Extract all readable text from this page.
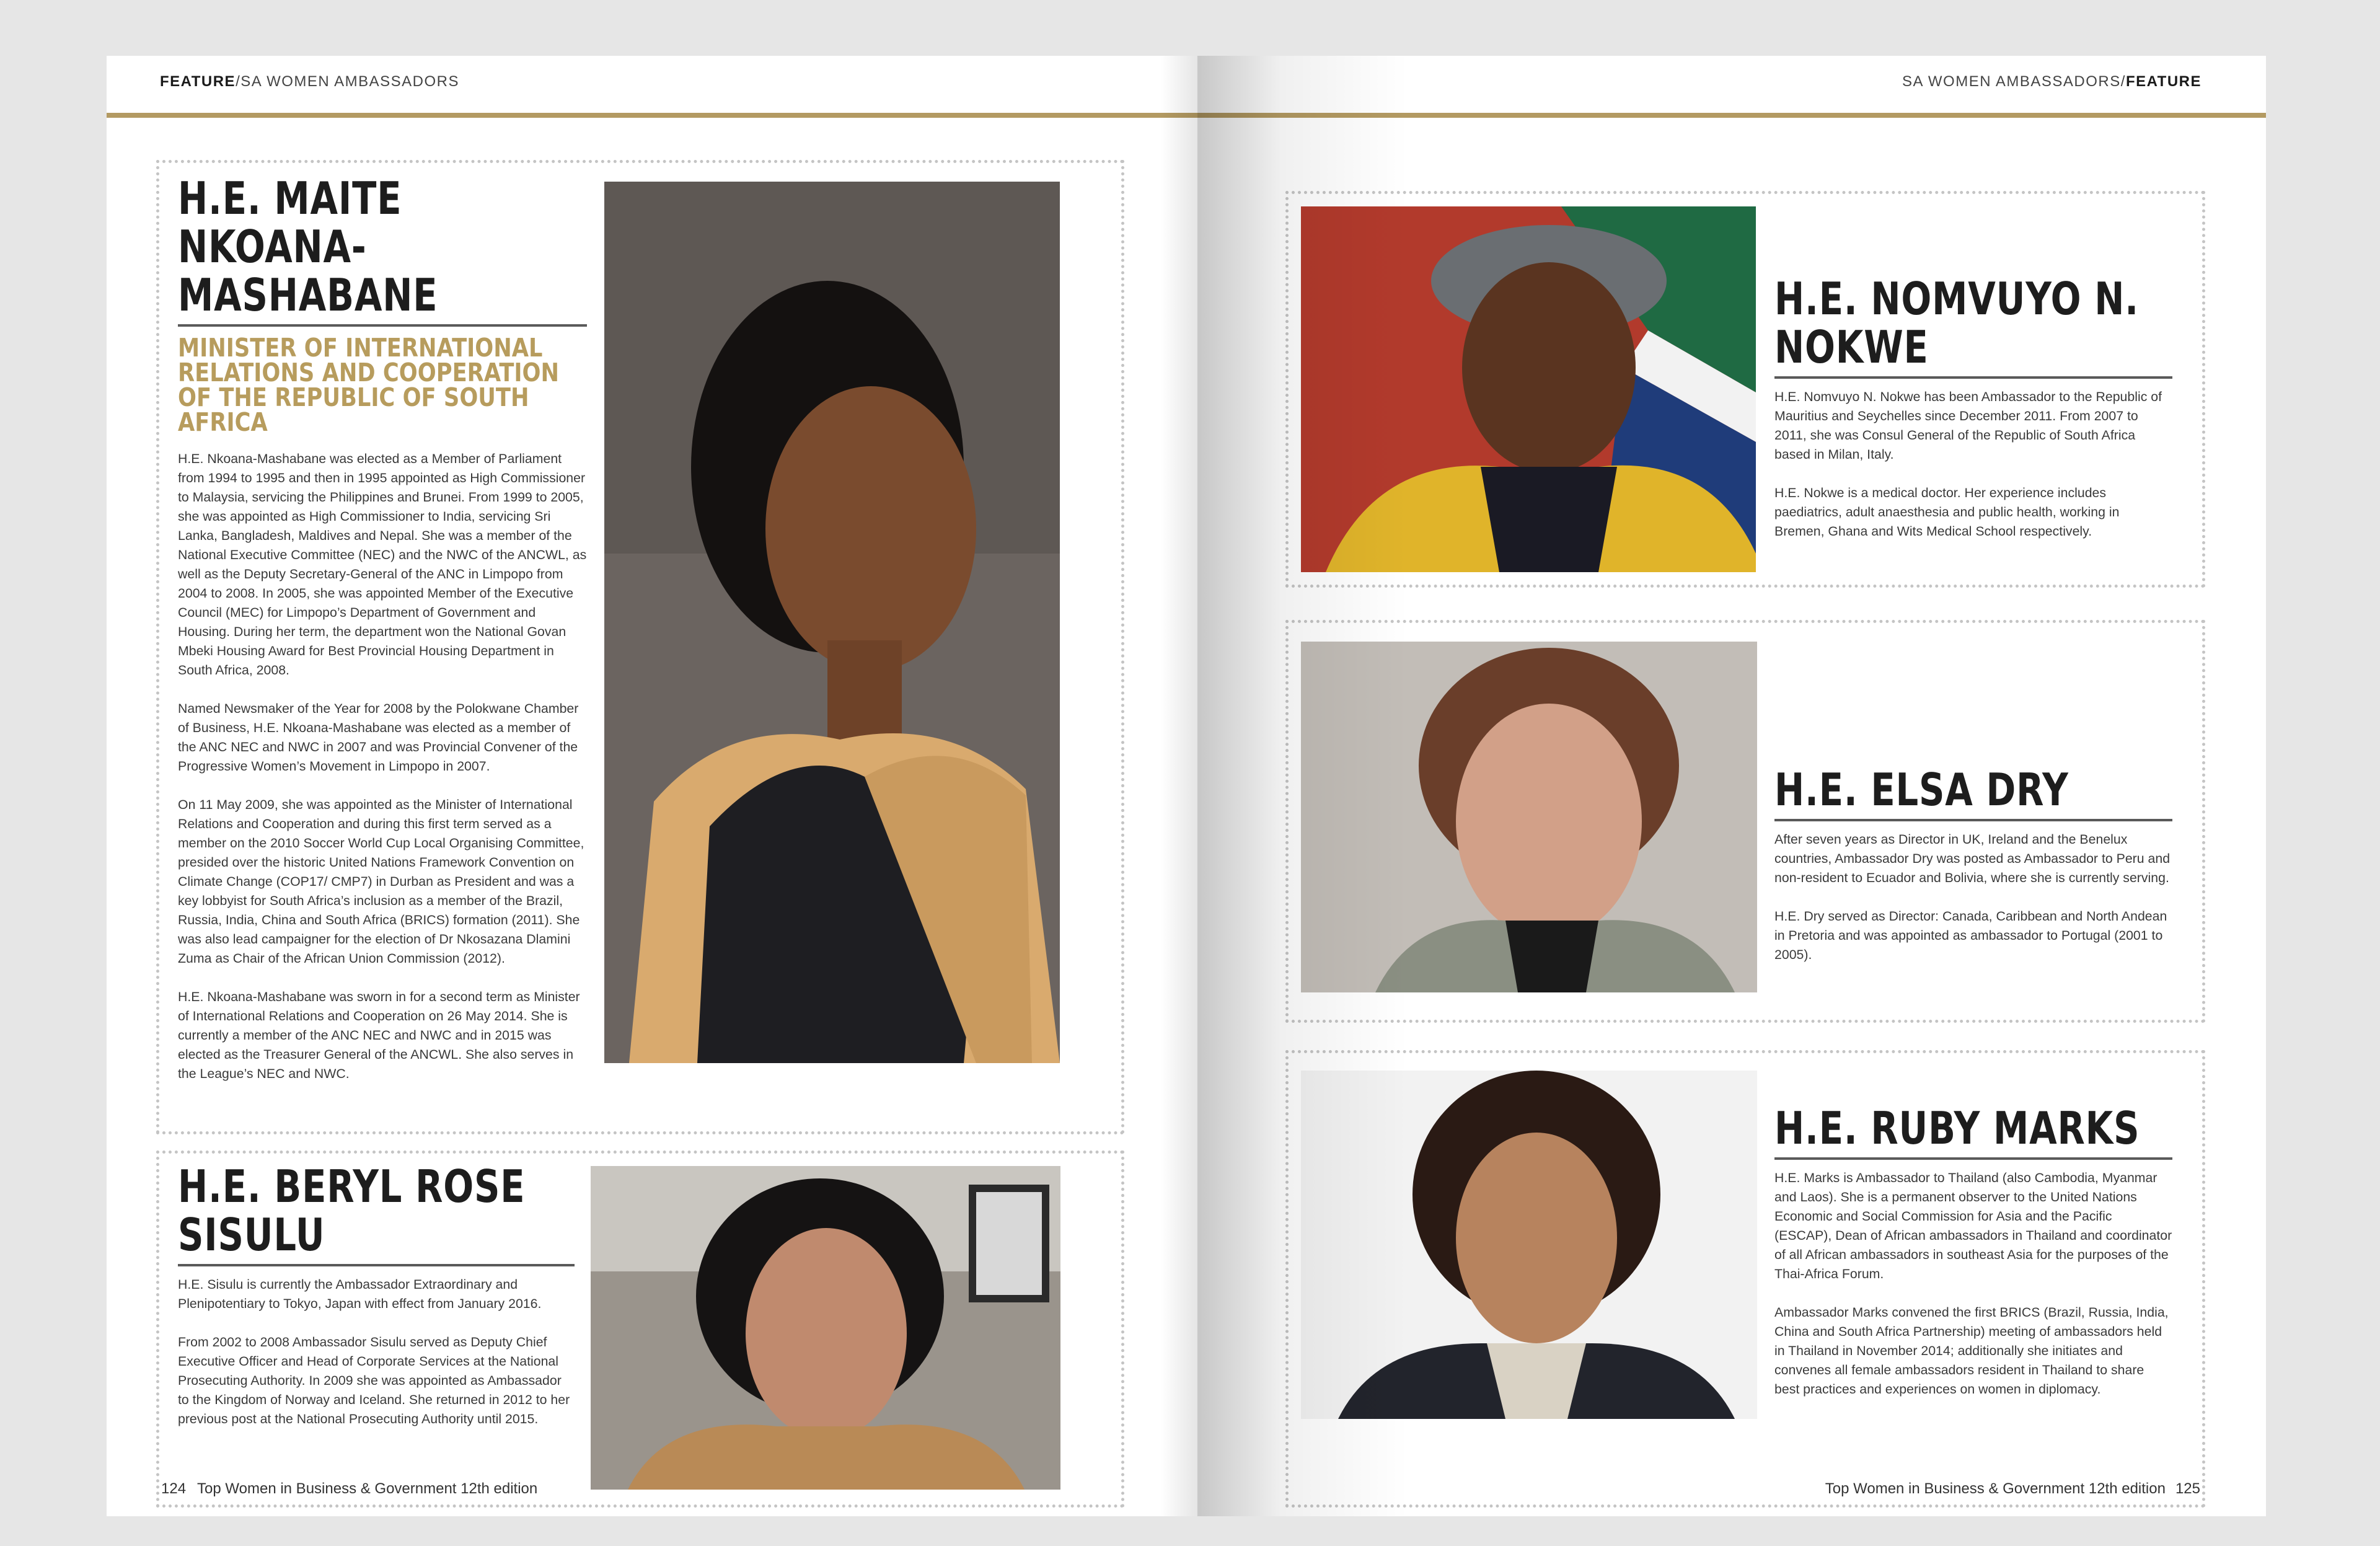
FEATURE/SA WOMEN AMBASSADORS
H.E. MAITE NKOANA-MASHABANE
MINISTER OF INTERNATIONAL RELATIONS AND COOPERATION OF THE REPUBLIC OF SOUTH AFRICA

H.E. Nkoana-Mashabane was elected as a Member of Parliament from 1994 to 1995 and then in 1995 appointed as High Commissioner to Malaysia, servicing the Philippines and Brunei. From 1999 to 2005, she was appointed as High Commissioner to India, servicing Sri Lanka, Bangladesh, Maldives and Nepal. She was a member of the National Executive Committee (NEC) and the NWC of the ANCWL, as well as the Deputy Secretary-General of the ANC in Limpopo from 2004 to 2008. In 2005, she was appointed Member of the Executive Council (MEC) for Limpopo’s Department of Government and Housing. During her term, the department won the National Govan Mbeki Housing Award for Best Provincial Housing Department in South Africa, 2008.

Named Newsmaker of the Year for 2008 by the Polokwane Chamber of Business, H.E. Nkoana-Mashabane was elected as a member of the ANC NEC and NWC in 2007 and was Provincial Convener of the Progressive Women’s Movement in Limpopo in 2007.

On 11 May 2009, she was appointed as the Minister of International Relations and Cooperation and during this first term served as a member on the 2010 Soccer World Cup Local Organising Committee, presided over the historic United Nations Framework Convention on Climate Change (COP17/ CMP7) in Durban as President and was a key lobbyist for South Africa’s inclusion as a member of the Brazil, Russia, India, China and South Africa (BRICS) formation (2011). She was also lead campaigner for the election of Dr Nkosazana Dlamini Zuma as Chair of the African Union Commission (2012).

H.E. Nkoana-Mashabane was sworn in for a second term as Minister of International Relations and Cooperation on 26 May 2014. She is currently a member of the ANC NEC and NWC and in 2015 was elected as the Treasurer General of the ANCWL. She also serves in the League’s NEC and NWC.

H.E. BERYL ROSE SISULU

H.E. Sisulu is currently the Ambassador Extraordinary and Plenipotentiary to Tokyo, Japan with effect from January 2016.

From 2002 to 2008 Ambassador Sisulu served as Deputy Chief Executive Officer and Head of Corporate Services at the National Prosecuting Authority. In 2009 she was appointed as Ambassador to the Kingdom of Norway and Iceland. She returned in 2012 to her previous post at the National Prosecuting Authority until 2015.

124 Top Women in Business & Government 12th edition
SA WOMEN AMBASSADORS/FEATURE
H.E. NOMVUYO N. NOKWE

H.E. Nomvuyo N. Nokwe has been Ambassador to the Republic of Mauritius and Seychelles since December 2011. From 2007 to 2011, she was Consul General of the Republic of South Africa based in Milan, Italy.

H.E. Nokwe is a medical doctor. Her experience includes paediatrics, adult anaesthesia and public health, working in Bremen, Ghana and Wits Medical School respectively.

H.E. ELSA DRY

After seven years as Director in UK, Ireland and the Benelux countries, Ambassador Dry was posted as Ambassador to Peru and non-resident to Ecuador and Bolivia, where she is currently serving.

H.E. Dry served as Director: Canada, Caribbean and North Andean in Pretoria and was appointed as ambassador to Portugal (2001 to 2005).

H.E. RUBY MARKS

H.E. Marks is Ambassador to Thailand (also Cambodia, Myanmar and Laos). She is a permanent observer to the United Nations Economic and Social Commission for Asia and the Pacific (ESCAP), Dean of African ambassadors in Thailand and coordinator of all African ambassadors in southeast Asia for the purposes of the Thai-Africa Forum.

Ambassador Marks convened the first BRICS (Brazil, Russia, India, China and South Africa Partnership) meeting of ambassadors held in Thailand in November 2014; additionally she initiates and convenes all female ambassadors resident in Thailand to share best practices and experiences on women in diplomacy.

Top Women in Business & Government 12th edition 125
